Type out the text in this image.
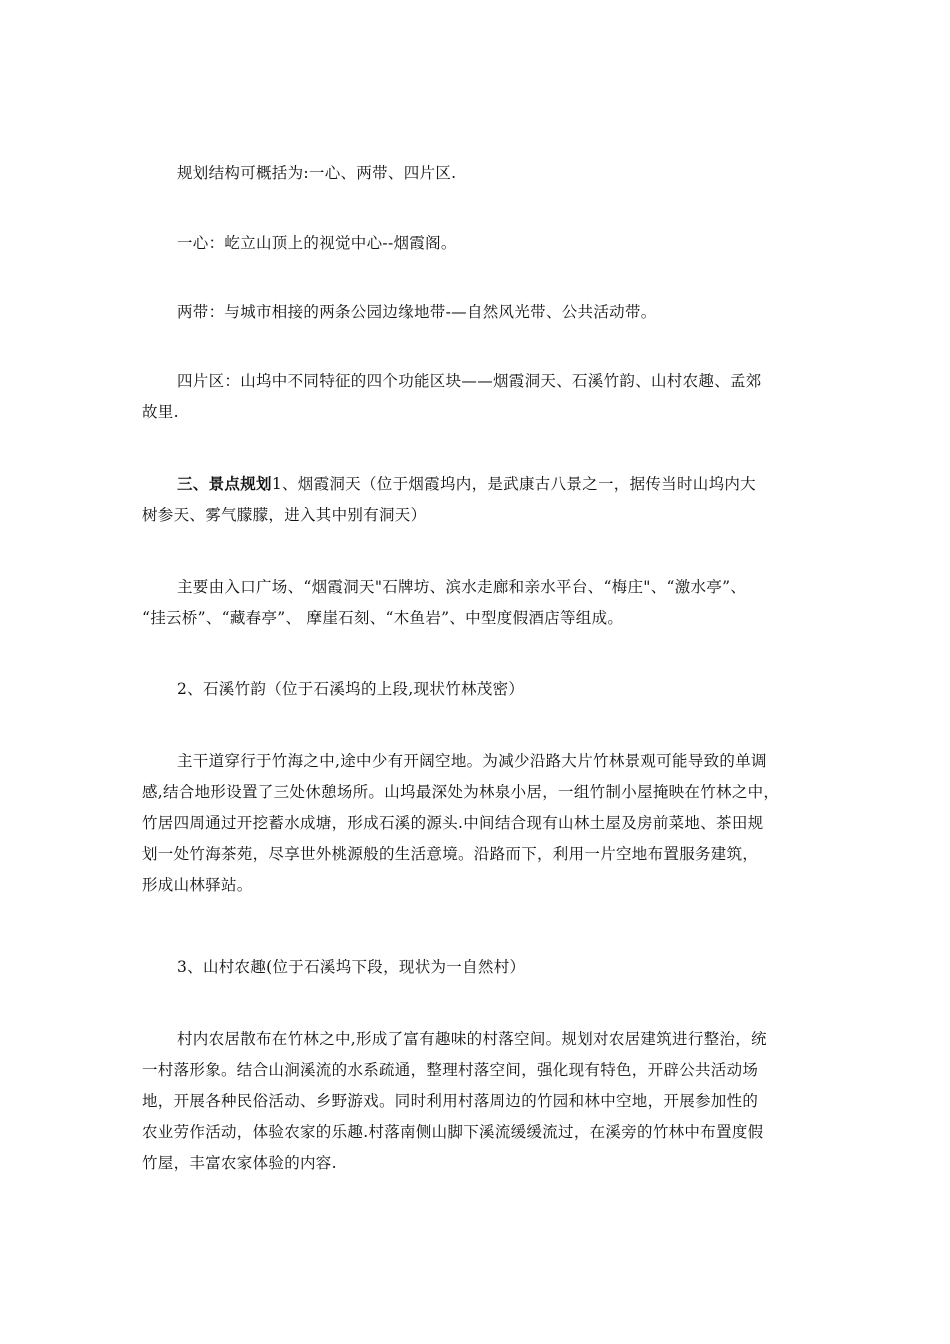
规划结构可概括为:一心、两带、四片区.

一心：屹立山顶上的视觉中心--烟霞阁。

两带：与城市相接的两条公园边缘地带-—自然风光带、公共活动带。

四片区：山坞中不同特征的四个功能区块——烟霞洞天、石溪竹韵、山村农趣、孟郊
故里.

三、景点规划1、烟霞洞天（位于烟霞坞内，是武康古八景之一，据传当时山坞内大
树参天、雾气朦朦，进入其中别有洞天）

主要由入口广场、“烟霞洞天"石牌坊、滨水走廊和亲水平台、“梅庄"、“激水亭”、
“挂云桥”、“藏春亭”、 摩崖石刻、“木鱼岩”、中型度假酒店等组成。

2、石溪竹韵（位于石溪坞的上段,现状竹林茂密）

主干道穿行于竹海之中,途中少有开阔空地。为减少沿路大片竹林景观可能导致的单调
感,结合地形设置了三处休憩场所。山坞最深处为林泉小居，一组竹制小屋掩映在竹林之中，
竹居四周通过开挖蓄水成塘，形成石溪的源头.中间结合现有山林土屋及房前菜地、茶田规
划一处竹海茶苑，尽享世外桃源般的生活意境。沿路而下，利用一片空地布置服务建筑，
形成山林驿站。

3、山村农趣(位于石溪坞下段，现状为一自然村）

村内农居散布在竹林之中,形成了富有趣味的村落空间。规划对农居建筑进行整治，统
一村落形象。结合山涧溪流的水系疏通，整理村落空间，强化现有特色，开辟公共活动场
地，开展各种民俗活动、乡野游戏。同时利用村落周边的竹园和林中空地，开展参加性的
农业劳作活动，体验农家的乐趣.村落南侧山脚下溪流缓缓流过，在溪旁的竹林中布置度假
竹屋，丰富农家体验的内容.
